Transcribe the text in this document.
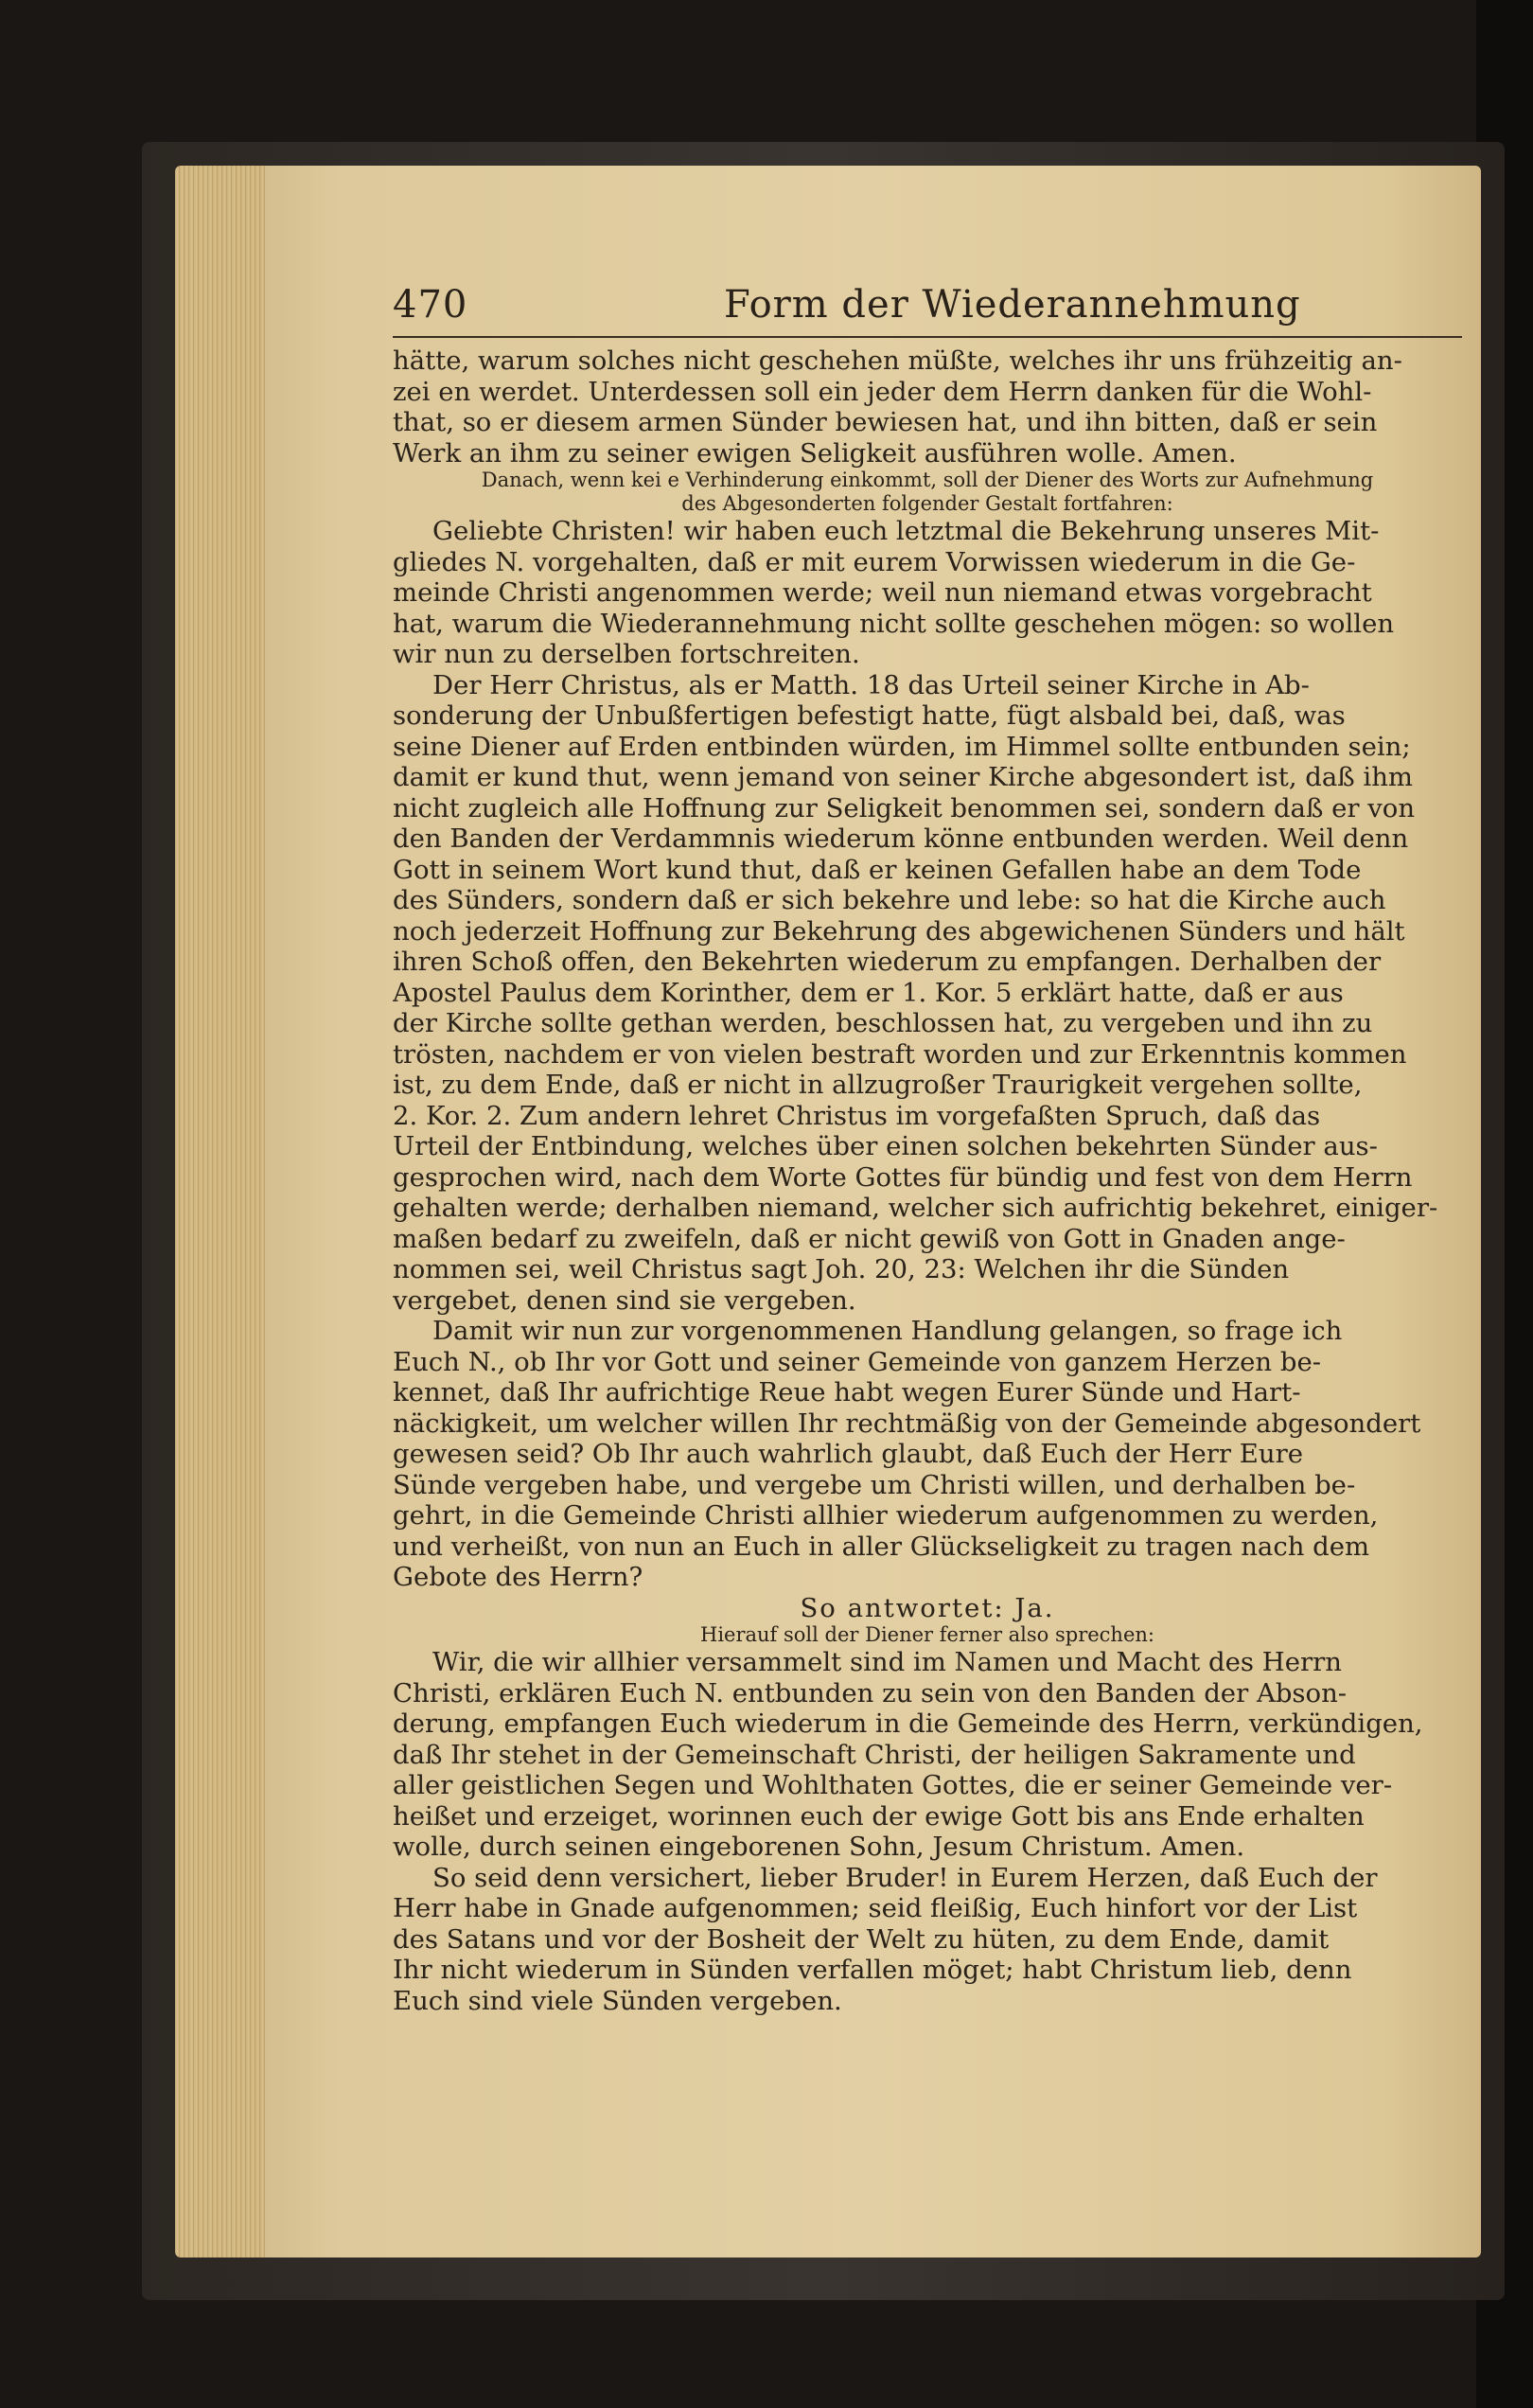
470	Form der Wiederannehmung
hätte, warum solches nicht geschehen müßte, welches ihr uns frühzeitig an-
zei en werdet. Unterdessen soll ein jeder dem Herrn danken für die Wohl-
that, so er diesem armen Sünder bewiesen hat, und ihn bitten, daß er sein
Werk an ihm zu seiner ewigen Seligkeit ausführen wolle. Amen.
Danach, wenn kei e Verhinderung einkommt, soll der Diener des Worts zur Aufnehmung
des Abgesonderten folgender Gestalt fortfahren:
Geliebte Christen! wir haben euch letztmal die Bekehrung unseres Mit-
gliedes N. vorgehalten, daß er mit eurem Vorwissen wiederum in die Ge-
meinde Christi angenommen werde; weil nun niemand etwas vorgebracht
hat, warum die Wiederannehmung nicht sollte geschehen mögen: so wollen
wir nun zu derselben fortschreiten.
Der Herr Christus, als er Matth. 18 das Urteil seiner Kirche in Ab-
sonderung der Unbußfertigen befestigt hatte, fügt alsbald bei, daß, was
seine Diener auf Erden entbinden würden, im Himmel sollte entbunden sein;
damit er kund thut, wenn jemand von seiner Kirche abgesondert ist, daß ihm
nicht zugleich alle Hoffnung zur Seligkeit benommen sei, sondern daß er von
den Banden der Verdammnis wiederum könne entbunden werden. Weil denn
Gott in seinem Wort kund thut, daß er keinen Gefallen habe an dem Tode
des Sünders, sondern daß er sich bekehre und lebe: so hat die Kirche auch
noch jederzeit Hoffnung zur Bekehrung des abgewichenen Sünders und hält
ihren Schoß offen, den Bekehrten wiederum zu empfangen. Derhalben der
Apostel Paulus dem Korinther, dem er 1. Kor. 5 erklärt hatte, daß er aus
der Kirche sollte gethan werden, beschlossen hat, zu vergeben und ihn zu
trösten, nachdem er von vielen bestraft worden und zur Erkenntnis kommen
ist, zu dem Ende, daß er nicht in allzugroßer Traurigkeit vergehen sollte,
2. Kor. 2. Zum andern lehret Christus im vorgefaßten Spruch, daß das
Urteil der Entbindung, welches über einen solchen bekehrten Sünder aus-
gesprochen wird, nach dem Worte Gottes für bündig und fest von dem Herrn
gehalten werde; derhalben niemand, welcher sich aufrichtig bekehret, einiger-
maßen bedarf zu zweifeln, daß er nicht gewiß von Gott in Gnaden ange-
nommen sei, weil Christus sagt Joh. 20, 23: Welchen ihr die Sünden
vergebet, denen sind sie vergeben.
Damit wir nun zur vorgenommenen Handlung gelangen, so frage ich
Euch N., ob Ihr vor Gott und seiner Gemeinde von ganzem Herzen be-
kennet, daß Ihr aufrichtige Reue habt wegen Eurer Sünde und Hart-
näckigkeit, um welcher willen Ihr rechtmäßig von der Gemeinde abgesondert
gewesen seid? Ob Ihr auch wahrlich glaubt, daß Euch der Herr Eure
Sünde vergeben habe, und vergebe um Christi willen, und derhalben be-
gehrt, in die Gemeinde Christi allhier wiederum aufgenommen zu werden,
und verheißt, von nun an Euch in aller Glückseligkeit zu tragen nach dem
Gebote des Herrn?
So antwortet: Ja.
Hierauf soll der Diener ferner also sprechen:
Wir, die wir allhier versammelt sind im Namen und Macht des Herrn
Christi, erklären Euch N. entbunden zu sein von den Banden der Abson-
derung, empfangen Euch wiederum in die Gemeinde des Herrn, verkündigen,
daß Ihr stehet in der Gemeinschaft Christi, der heiligen Sakramente und
aller geistlichen Segen und Wohlthaten Gottes, die er seiner Gemeinde ver-
heißet und erzeiget, worinnen euch der ewige Gott bis ans Ende erhalten
wolle, durch seinen eingeborenen Sohn, Jesum Christum. Amen.
So seid denn versichert, lieber Bruder! in Eurem Herzen, daß Euch der
Herr habe in Gnade aufgenommen; seid fleißig, Euch hinfort vor der List
des Satans und vor der Bosheit der Welt zu hüten, zu dem Ende, damit
Ihr nicht wiederum in Sünden verfallen möget; habt Christum lieb, denn
Euch sind viele Sünden vergeben.
